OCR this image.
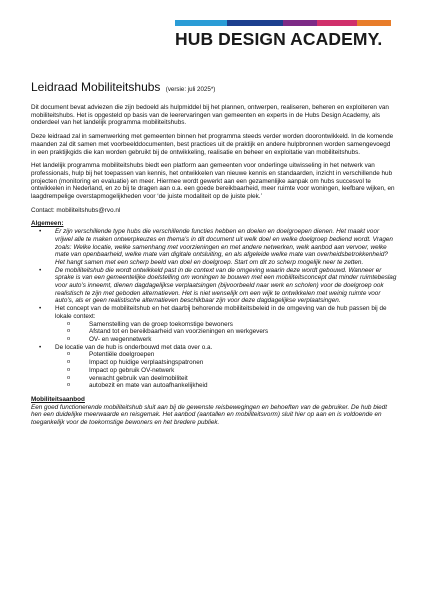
HUB DESIGN ACADEMY.
Leidraad Mobiliteitshubs (versie: juli 2025*)

Dit document bevat adviezen die zijn bedoeld als hulpmiddel bij het plannen, ontwerpen, realiseren, beheren en exploiteren van mobiliteitshubs. Het is opgesteld op basis van de leerervaringen van gemeenten en experts in de Hubs Design Academy, als onderdeel van het landelijk programma mobiliteitshubs.

Deze leidraad zal in samenwerking met gemeenten binnen het programma steeds verder worden doorontwikkeld. In de komende maanden zal dit samen met voorbeelddocumenten, best practices uit de praktijk en andere hulpbronnen worden samengevoegd in een praktijkgids die kan worden gebruikt bij de ontwikkeling, realisatie en beheer en exploitatie van mobiliteitshubs.

Het landelijk programma mobiliteitshubs biedt een platform aan gemeenten voor onderlinge uitwisseling in het netwerk van professionals, hulp bij het toepassen van kennis, het ontwikkelen van nieuwe kennis en standaarden, inzicht in verschillende hub projecten (monitoring en evaluatie) en meer. Hiermee wordt gewerkt aan een gezamenlijke aanpak om hubs succesvol te ontwikkelen in Nederland, en zo bij te dragen aan o.a. een goede bereikbaarheid, meer ruimte voor woningen, leefbare wijken, en laagdrempelige overstapmogelijkheden voor ‘de juiste modaliteit op de juiste plek.’

Contact: mobiliteitshubs@rvo.nl

Algemeen:
• Er zijn verschillende type hubs die verschillende functies hebben en doelen en doelgroepen dienen. Het maakt voor vrijwel alle te maken ontwerpkeuzes en thema’s in dit document uit welk doel en welke doelgroep bediend wordt. Vragen zoals: Welke locatie, welke samenhang met voorzieningen en met andere netwerken, welk aanbod aan vervoer, welke mate van openbaarheid, welke mate van digitale ontsluiting, en als afgeleide welke mate van overheidsbetrokkenheid? Het hangt samen met een scherp beeld van doel en doelgroep. Start om dit zo scherp mogelijk neer te zetten.
• De mobiliteitshub die wordt ontwikkeld past in de context van de omgeving waarin deze wordt gebouwd. Wanneer er sprake is van een gemeentelijke doelstelling om woningen te bouwen met een mobiliteitsconcept dat minder ruimtebeslag voor auto’s inneemt, dienen dagdagelijkse verplaatsingen (bijvoorbeeld naar werk en scholen) voor de doelgroep ook realistisch te zijn met geboden alternatieven. Het is niet wenselijk om een wijk te ontwikkelen met weinig ruimte voor auto’s, als er geen realistische alternatieven beschikbaar zijn voor deze dagdagelijkse verplaatsingen.
• Het concept van de mobiliteitshub en het daarbij behorende mobiliteitsbeleid in de omgeving van de hub passen bij de lokale context:
o Samenstelling van de groep toekomstige bewoners
o Afstand tot en bereikbaarheid van voorzieningen en werkgevers
o OV- en wegennetwerk
• De locatie van de hub is onderbouwd met data over o.a.
o Potentiële doelgroepen
o Impact op huidige verplaatsingspatronen
o Impact op gebruik OV-netwerk
o verwacht gebruik van deelmobiliteit
o autobezit en mate van autoafhankelijkheid
Mobiliteitsaanbod

Een goed functionerende mobiliteitshub sluit aan bij de gewenste reisbewegingen en behoeften van de gebruiker. De hub biedt hen een duidelijke meerwaarde en reisgemak. Het aanbod (aantallen en mobiliteitsvorm) sluit hier op aan en is voldoende en toegankelijk voor de toekomstige bewoners en het bredere publiek.
